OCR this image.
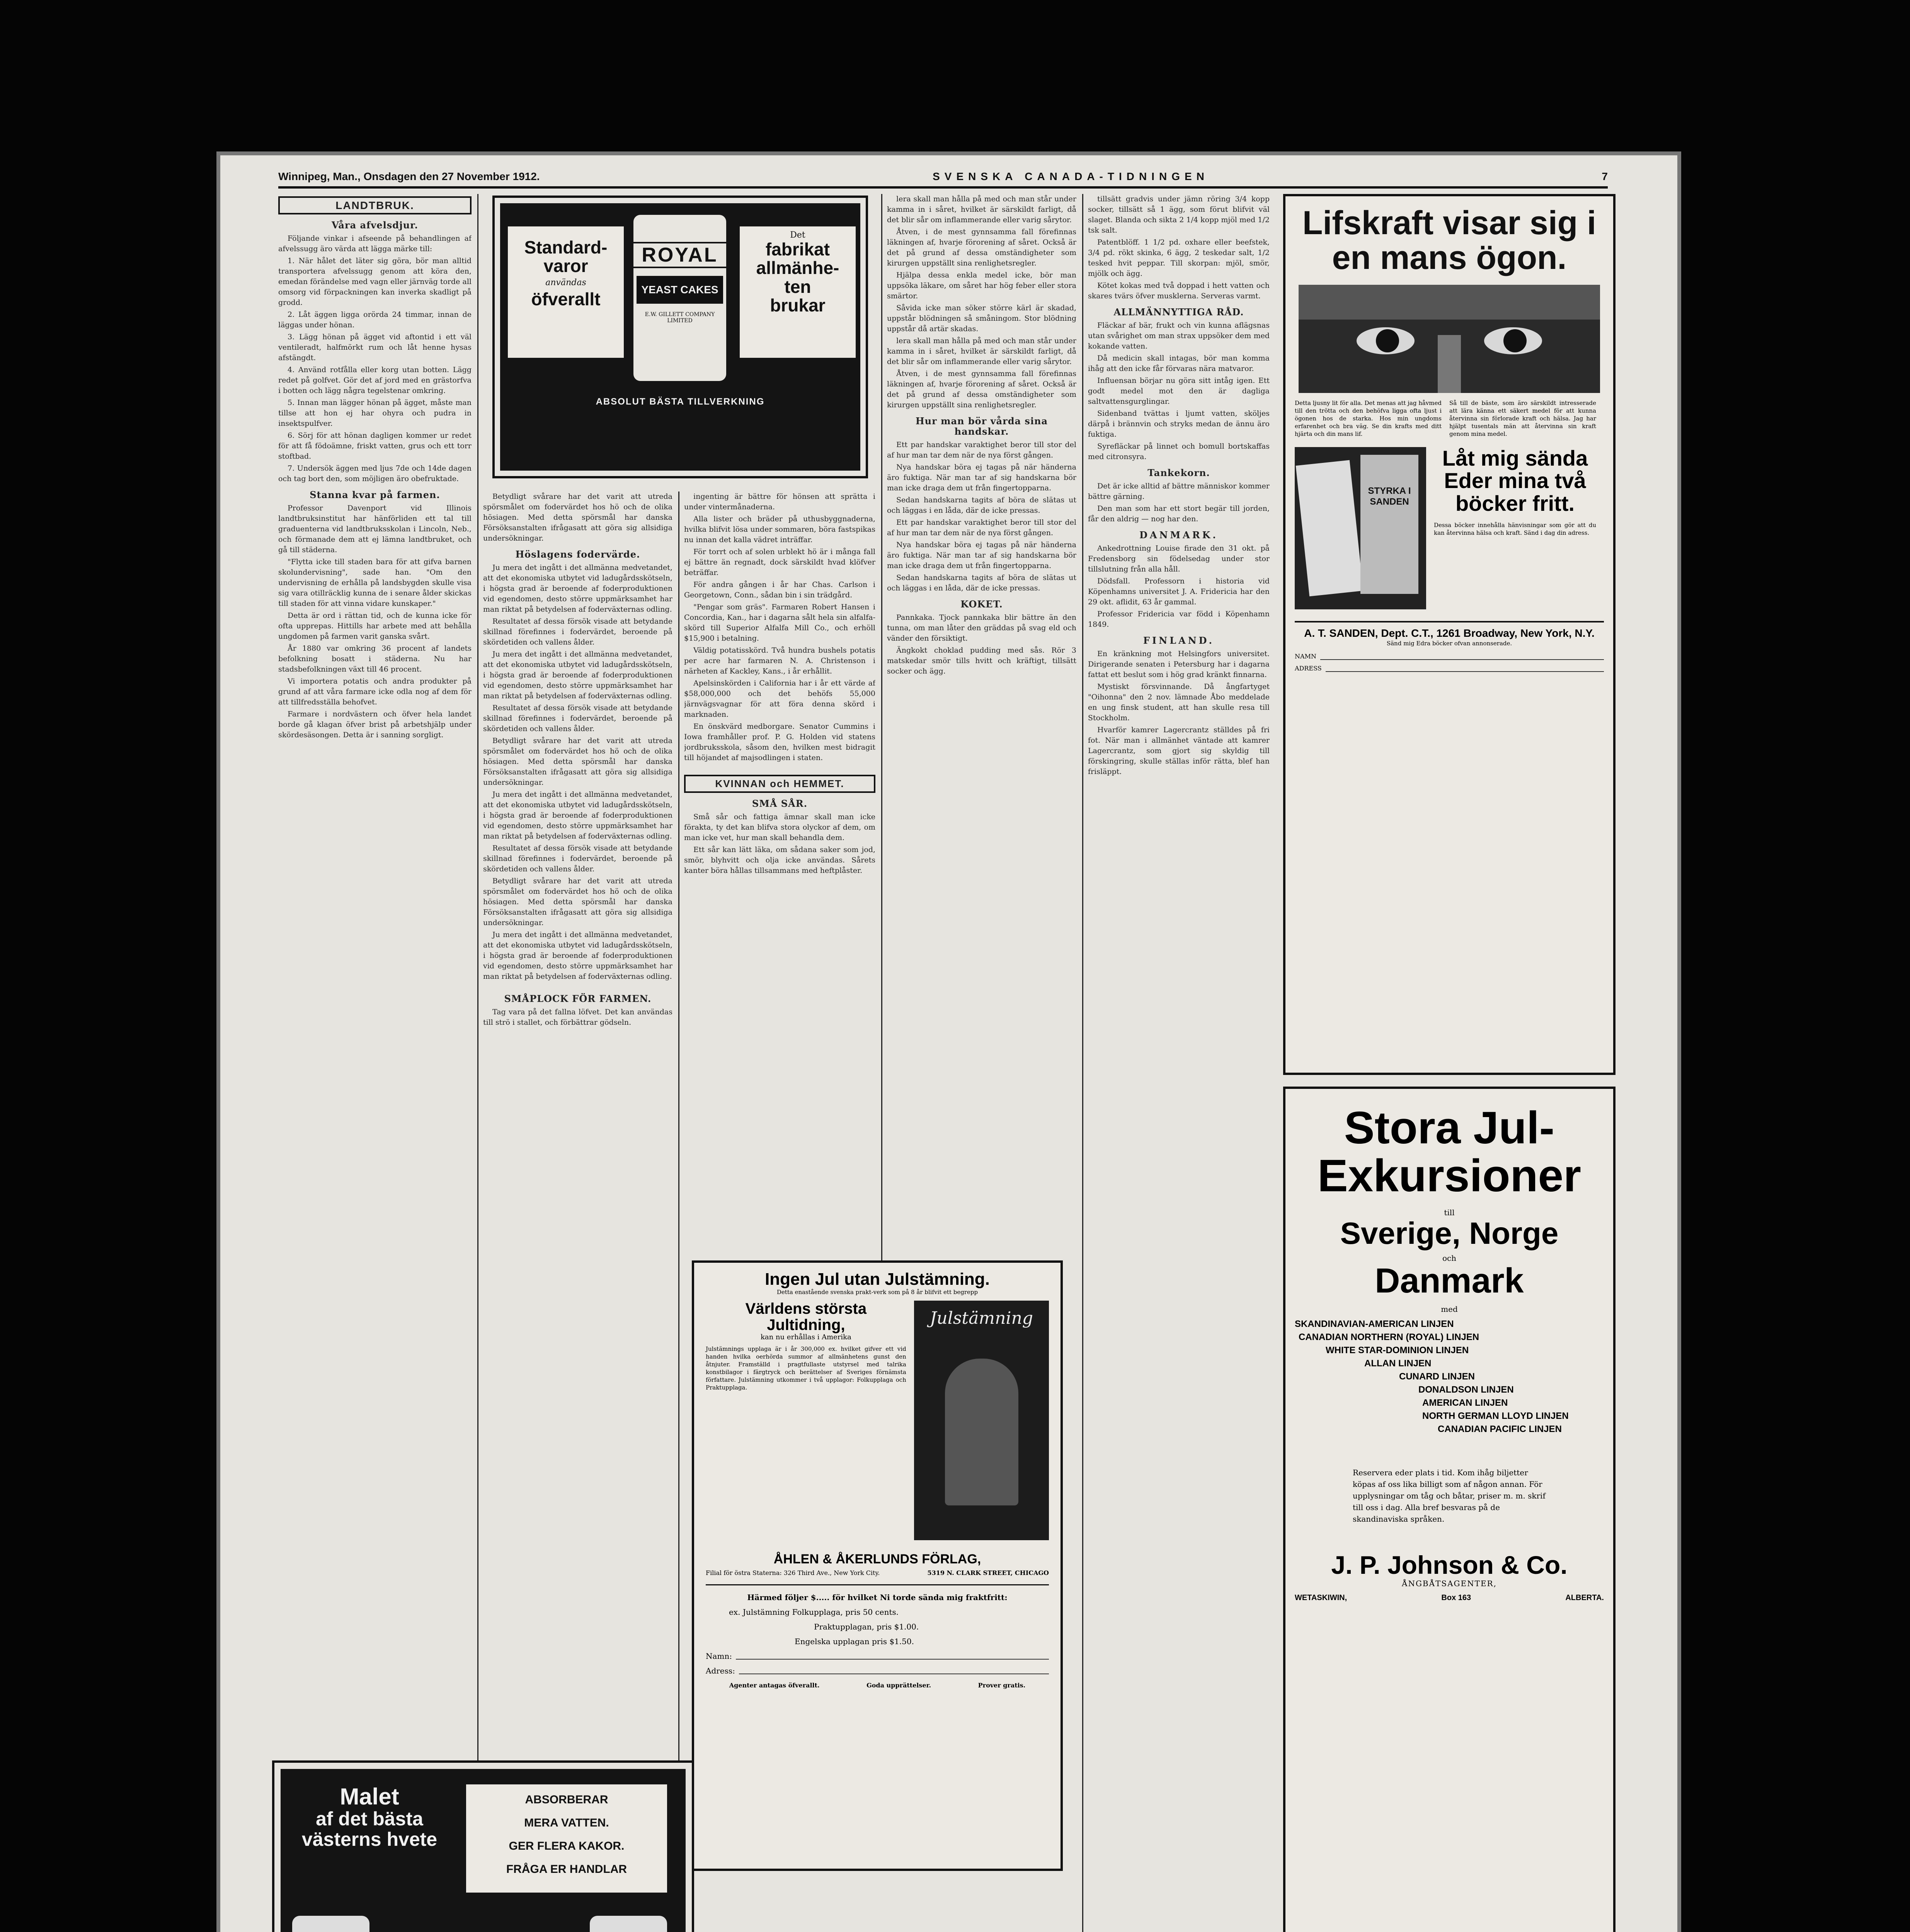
Winnipeg, Man., Onsdagen den 27 November 1912.	SVENSKA CANADA-TIDNINGEN	7
LANDTBRUK.
Våra afvelsdjur.

Följande vinkar i afseende på behandlingen af afvelssugg äro värda att lägga märke till:

1. När hålet det läter sig göra, bör man alltid transportera afvelssugg genom att köra den, emedan förändelse med vagn eller järnväg torde all omsorg vid förpackningen kan inverka skadligt på grodd.

2. Låt äggen ligga orörda 24 timmar, innan de läggas under hönan.

3. Lägg hönan på ägget vid aftontid i ett väl ventileradt, halfmörkt rum och låt henne hysas afstängdt.

4. Använd rotfålla eller korg utan botten. Lägg redet på golfvet. Gör det af jord med en grästorfva i botten och lägg några tegelstenar omkring.

5. Innan man lägger hönan på ägget, måste man tillse att hon ej har ohyra och pudra in insektspulfver.

6. Sörj för att hönan dagligen kommer ur redet för att få födoämne, friskt vatten, grus och ett torr stoftbad.

7. Undersök äggen med ljus 7de och 14de dagen och tag bort den, som möjligen äro obefruktade.

Stanna kvar på farmen.

Professor Davenport vid Illinois landtbruksinstitut har hänförliden ett tal till graduenterna vid landtbruksskolan i Lincoln, Neb., och förmanade dem att ej lämna landtbruket, och gå till städerna.

"Flytta icke till staden bara för att gifva barnen skolundervisning", sade han. "Om den undervisning de erhålla på landsbygden skulle visa sig vara otillräcklig kunna de i senare ålder skickas till staden för att vinna vidare kunskaper."

Detta är ord i rättan tid, och de kunna icke för ofta upprepas. Hittills har arbete med att behålla ungdomen på farmen varit ganska svårt.

År 1880 var omkring 36 procent af landets befolkning bosatt i städerna. Nu har stadsbefolkningen växt till 46 procent.

Vi importera potatis och andra produkter på grund af att våra farmare icke odla nog af dem för att tillfredsställa behofvet.

Farmare i nordvästern och öfver hela landet borde gå klagan öfver brist på arbetshjälp under skördesäsongen. Detta är i sanning sorgligt.

Standard-
varor
användas
öfverallt
ROYAL
YEAST CAKES
E.W. GILLETT COMPANY LIMITED
Det
fabrikat
allmänhe-
ten
brukar
ABSOLUT BÄSTA TILLVERKNING

Betydligt svårare har det varit att utreda spörsmålet om fodervärdet hos hö och de olika hösiagen. Med detta spörsmål har danska Försöksanstalten ifrågasatt att göra sig allsidiga undersökningar.

Höslagens fodervärde.

Ju mera det ingått i det allmänna medvetandet, att det ekonomiska utbytet vid ladugårdsskötseln, i högsta grad är beroende af foderproduktionen vid egendomen, desto större uppmärksamhet har man riktat på betydelsen af foderväxternas odling.

Resultatet af dessa försök visade att betydande skillnad förefinnes i fodervärdet, beroende på skördetiden och vallens ålder.

Ju mera det ingått i det allmänna medvetandet, att det ekonomiska utbytet vid ladugårdsskötseln, i högsta grad är beroende af foderproduktionen vid egendomen, desto större uppmärksamhet har man riktat på betydelsen af foderväxternas odling.

Resultatet af dessa försök visade att betydande skillnad förefinnes i fodervärdet, beroende på skördetiden och vallens ålder.

Betydligt svårare har det varit att utreda spörsmålet om fodervärdet hos hö och de olika hösiagen. Med detta spörsmål har danska Försöksanstalten ifrågasatt att göra sig allsidiga undersökningar.

Ju mera det ingått i det allmänna medvetandet, att det ekonomiska utbytet vid ladugårdsskötseln, i högsta grad är beroende af foderproduktionen vid egendomen, desto större uppmärksamhet har man riktat på betydelsen af foderväxternas odling.

Resultatet af dessa försök visade att betydande skillnad förefinnes i fodervärdet, beroende på skördetiden och vallens ålder.

Betydligt svårare har det varit att utreda spörsmålet om fodervärdet hos hö och de olika hösiagen. Med detta spörsmål har danska Försöksanstalten ifrågasatt att göra sig allsidiga undersökningar.

Ju mera det ingått i det allmänna medvetandet, att det ekonomiska utbytet vid ladugårdsskötseln, i högsta grad är beroende af foderproduktionen vid egendomen, desto större uppmärksamhet har man riktat på betydelsen af foderväxternas odling.

SMÅPLOCK FÖR FARMEN.

Tag vara på det fallna löfvet. Det kan användas till strö i stallet, och förbättrar gödseln.

ingenting är bättre för hönsen att sprätta i under vintermånaderna.

Alla lister och bräder på uthusbyggnaderna, hvilka blifvit lösa under sommaren, böra fastspikas nu innan det kalla vädret inträffar.

För torrt och af solen urblekt hö är i många fall ej bättre än regnadt, dock särskildt hvad klöfver beträffar.

För andra gången i år har Chas. Carlson i Georgetown, Conn., sådan bin i sin trädgård.

"Pengar som gräs". Farmaren Robert Hansen i Concordia, Kan., har i dagarna sålt hela sin alfalfa-skörd till Superior Alfalfa Mill Co., och erhöll $15,900 i betalning.

Väldig potatisskörd. Två hundra bushels potatis per acre har farmaren N. A. Christenson i närheten af Kackley, Kans., i år erhållit.

Apelsinskörden i California har i år ett värde af $58,000,000 och det behöfs 55,000 järnvägsvagnar för att föra denna skörd i marknaden.

En önskvärd medborgare. Senator Cummins i Iowa framhåller prof. P. G. Holden vid statens jordbruksskola, såsom den, hvilken mest bidragit till höjandet af majsodlingen i staten.

KVINNAN och HEMMET.
SMÅ SÅR.

Små sår och fattiga ämnar skall man icke förakta, ty det kan blifva stora olyckor af dem, om man icke vet, hur man skall behandla dem.

Ett sår kan lätt läka, om sådana saker som jod, smör, blyhvitt och olja icke användas. Sårets kanter böra hållas tillsammans med heftplåster.

lera skall man hålla på med och man står under kamma in i såret, hvilket är särskildt farligt, då det blir sår om inflammerande eller varig sårytor.

Åtven, i de mest gynnsamma fall förefinnas läkningen af, hvarje förorening af såret. Också är det på grund af dessa omständigheter som kirurgen uppställt sina renlighetsregler.

Hjälpa dessa enkla medel icke, bör man uppsöka läkare, om såret har hög feber eller stora smärtor.

Såvida icke man söker större kärl är skadad, uppstår blödningen så småningom. Stor blödning uppstår då artär skadas.

lera skall man hålla på med och man står under kamma in i såret, hvilket är särskildt farligt, då det blir sår om inflammerande eller varig sårytor.

Åtven, i de mest gynnsamma fall förefinnas läkningen af, hvarje förorening af såret. Också är det på grund af dessa omständigheter som kirurgen uppställt sina renlighetsregler.

Hur man bör vårda sina handskar.

Ett par handskar varaktighet beror till stor del af hur man tar dem när de nya först gången.

Nya handskar böra ej tagas på när händerna äro fuktiga. När man tar af sig handskarna bör man icke draga dem ut från fingertopparna.

Sedan handskarna tagits af böra de slätas ut och läggas i en låda, där de icke pressas.

Ett par handskar varaktighet beror till stor del af hur man tar dem när de nya först gången.

Nya handskar böra ej tagas på när händerna äro fuktiga. När man tar af sig handskarna bör man icke draga dem ut från fingertopparna.

Sedan handskarna tagits af böra de slätas ut och läggas i en låda, där de icke pressas.

KOKET.

Pannkaka. Tjock pannkaka blir bättre än den tunna, om man låter den gräddas på svag eld och vänder den försiktigt.

Ängkokt choklad pudding med sås. Rör 3 matskedar smör tills hvitt och kräftigt, tillsätt socker och ägg.

tillsätt gradvis under jämn röring 3/4 kopp socker, tillsätt så 1 ägg, som förut blifvit väl slaget. Blanda och sikta 2 1/4 kopp mjöl med 1/2 tsk salt.

Patentblöff. 1 1/2 pd. oxhare eller beefstek, 3/4 pd. rökt skinka, 6 ägg, 2 teskedar salt, 1/2 tesked hvit peppar. Till skorpan: mjöl, smör, mjölk och ägg.

Kötet kokas med två doppad i hett vatten och skares tvärs öfver musklerna. Serveras varmt.

ALLMÄNNYTTIGA RÅD.

Fläckar af bär, frukt och vin kunna aflägsnas utan svårighet om man strax uppsöker dem med kokande vatten.

Då medicin skall intagas, bör man komma ihåg att den icke får förvaras nära matvaror.

Influensan börjar nu göra sitt intåg igen. Ett godt medel mot den är dagliga saltvattensgurglingar.

Sidenband tvättas i ljumt vatten, sköljes därpå i brännvin och stryks medan de ännu äro fuktiga.

Syrefläckar på linnet och bomull bortskaffas med citronsyra.

Tankekorn.

Det är icke alltid af bättre människor kommer bättre gärning.

Den man som har ett stort begär till jorden, får den aldrig — nog har den.

DANMARK.

Ankedrottning Louise firade den 31 okt. på Fredensborg sin födelsedag under stor tillslutning från alla håll.

Dödsfall. Professorn i historia vid Köpenhamns universitet J. A. Fridericia har den 29 okt. aflidit, 63 år gammal.

Professor Fridericia var född i Köpenhamn 1849.

FINLAND.

En kränkning mot Helsingfors universitet. Dirigerande senaten i Petersburg har i dagarna fattat ett beslut som i hög grad kränkt finnarna.

Mystiskt försvinnande. Då ångfartyget "Oihonna" den 2 nov. lämnade Åbo meddelade en ung finsk student, att han skulle resa till Stockholm.

Hvarför kamrer Lagercrantz ställdes på fri fot. När man i allmänhet väntade att kamrer Lagercrantz, som gjort sig skyldig till förskingring, skulle ställas inför rätta, blef han frisläppt.

Lifskraft visar sig i en mans ögon.
Detta ljusny lit för alla. Det menas att jag håvmed till den trötta och den behöfva ligga ofta ljust i ögonen hos de starka. Hos min ungdoms erfarenhet och bra väg. Se din krafts med ditt hjärta och din mans lif.
Så till de bäste, som äro särskildt intresserade att lära känna ett säkert medel för att kunna återvinna sin förlorade kraft och hälsa. Jag har hjälpt tusentals män att återvinna sin kraft genom mina medel.
STYRKA I SANDEN
Låt mig sända Eder mina två böcker fritt.
Dessa böcker innehålla hänvisningar som gör att du kan återvinna hälsa och kraft. Sänd i dag din adress.
A. T. SANDEN, Dept. C.T., 1261 Broadway, New York, N.Y.
Sänd mig Edra böcker ofvan annonserade.
NAMN
ADRESS
Stora Jul-
Exkursioner
till
Sverige, Norge
och
Danmark
med
SKANDINAVIAN-AMERICAN LINJEN
CANADIAN NORTHERN (ROYAL) LINJEN
WHITE STAR-DOMINION LINJEN
ALLAN LINJEN
CUNARD LINJEN
DONALDSON LINJEN
AMERICAN LINJEN
NORTH GERMAN LLOYD LINJEN
CANADIAN PACIFIC LINJEN
Reservera eder plats i tid. Kom ihåg biljetter köpas af oss lika billigt som af någon annan. För upplysningar om tåg och båtar, priser m. m. skrif till oss i dag. Alla bref besvaras på de skandinaviska språken.
J. P. Johnson & Co.
ÅNGBÅTSAGENTER,
WETASKIWIN,	Box 163	ALBERTA.

Ingen Jul utan Julstämning.
Detta enastående svenska prakt-verk som på 8 år blifvit ett begrepp
Världens största Jultidning,
kan nu erhållas i Amerika
Julstämnings upplaga är i år 300,000 ex. hvilket gifver ett vid handen hvilka oerhörda summor af allmänhetens gunst den åtnjuter. Framställd i pragtfullaste utstyrsel med talrika konstbilagor i färgtryck och berättelser af Sveriges förnämsta författare. Julstämning utkommer i två upplagor: Folkupplaga och Praktupplaga.
Julstämning
ÅHLEN & ÅKERLUNDS FÖRLAG,
Filial för östra Staterna: 326 Third Ave., New York City.	5319 N. CLARK STREET, CHICAGO
Härmed följer $..... för hvilket Ni torde sända mig fraktfritt:
ex. Julstämning Folkupplaga, pris 50 cents.
Praktupplagan, pris $1.00.
Engelska upplagan pris $1.50.
Namn:
Adress:
Agenter antagas öfverallt.	Goda upprättelser.	Prover gratis.
Malet
af det bästa
västerns hvete
ABSORBERAR
MERA VATTEN.
GER FLERA KAKOR.
FRÅGA ER HANDLAR
